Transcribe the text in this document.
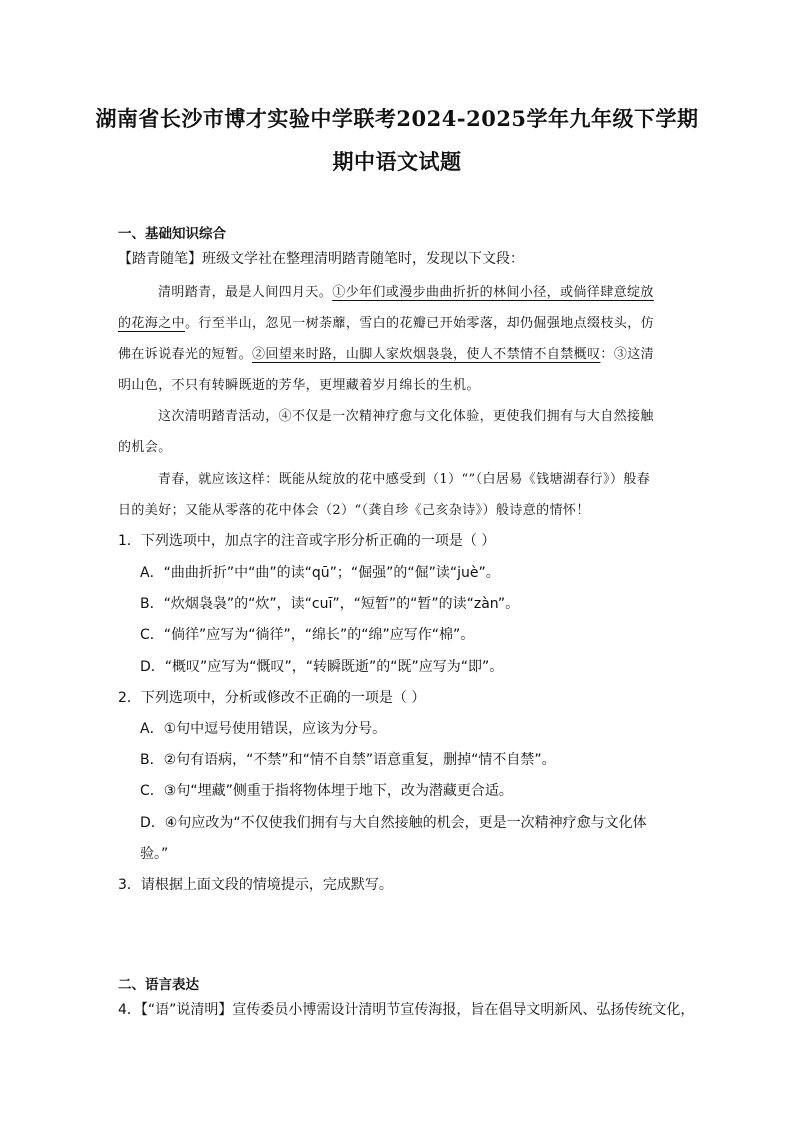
湖南省长沙市博才实验中学联考2024-2025学年九年级下学期
期中语文试题
一、基础知识综合
【踏青随笔】班级文学社在整理清明踏青随笔时，发现以下文段：
清明踏青，最是人间四月天。①少年们或漫步曲曲折折的林间小径，或倘徉肆意绽放
的花海之中。行至半山，忽见一树荼蘼，雪白的花瓣已开始零落，却仍倔强地点缀枝头，仿
佛在诉说春光的短暂。②回望来时路，山脚人家炊烟袅袅，使人不禁情不自禁概叹：③这清
明山色，不只有转瞬既逝的芳华，更埋藏着岁月绵长的生机。
这次清明踏青活动，④不仅是一次精神疗愈与文化体验，更使我们拥有与大自然接触
的机会。
青春，就应该这样：既能从绽放的花中感受到（1）“”（白居易《钱塘湖春行》）般春
日的美好；又能从零落的花中体会（2）“（龚自珍《己亥杂诗》）般诗意的情怀！
1．下列选项中，加点字的注音或字形分析正确的一项是（ ）
A．“曲曲折折”中“曲”的读“qū”；“倔强”的“倔”读“juè”。
B．“炊烟袅袅”的“炊”，读“cuī”，“短暂”的“暂”的读“zàn”。
C．“倘徉”应写为“徜徉”，“绵长”的“绵”应写作“棉”。
D．“概叹”应写为“慨叹”，“转瞬既逝”的“既”应写为“即”。
2．下列选项中，分析或修改不正确的一项是（ ）
A．①句中逗号使用错误，应该为分号。
B．②句有语病，“不禁”和“情不自禁”语意重复，删掉“情不自禁”。
C．③句“埋藏”侧重于指将物体埋于地下，改为潜藏更合适。
D．④句应改为“不仅使我们拥有与大自然接触的机会，更是一次精神疗愈与文化体
验。”
3．请根据上面文段的情境提示，完成默写。
二、语言表达
4．【“语”说清明】宣传委员小博需设计清明节宣传海报，旨在倡导文明新风、弘扬传统文化，
